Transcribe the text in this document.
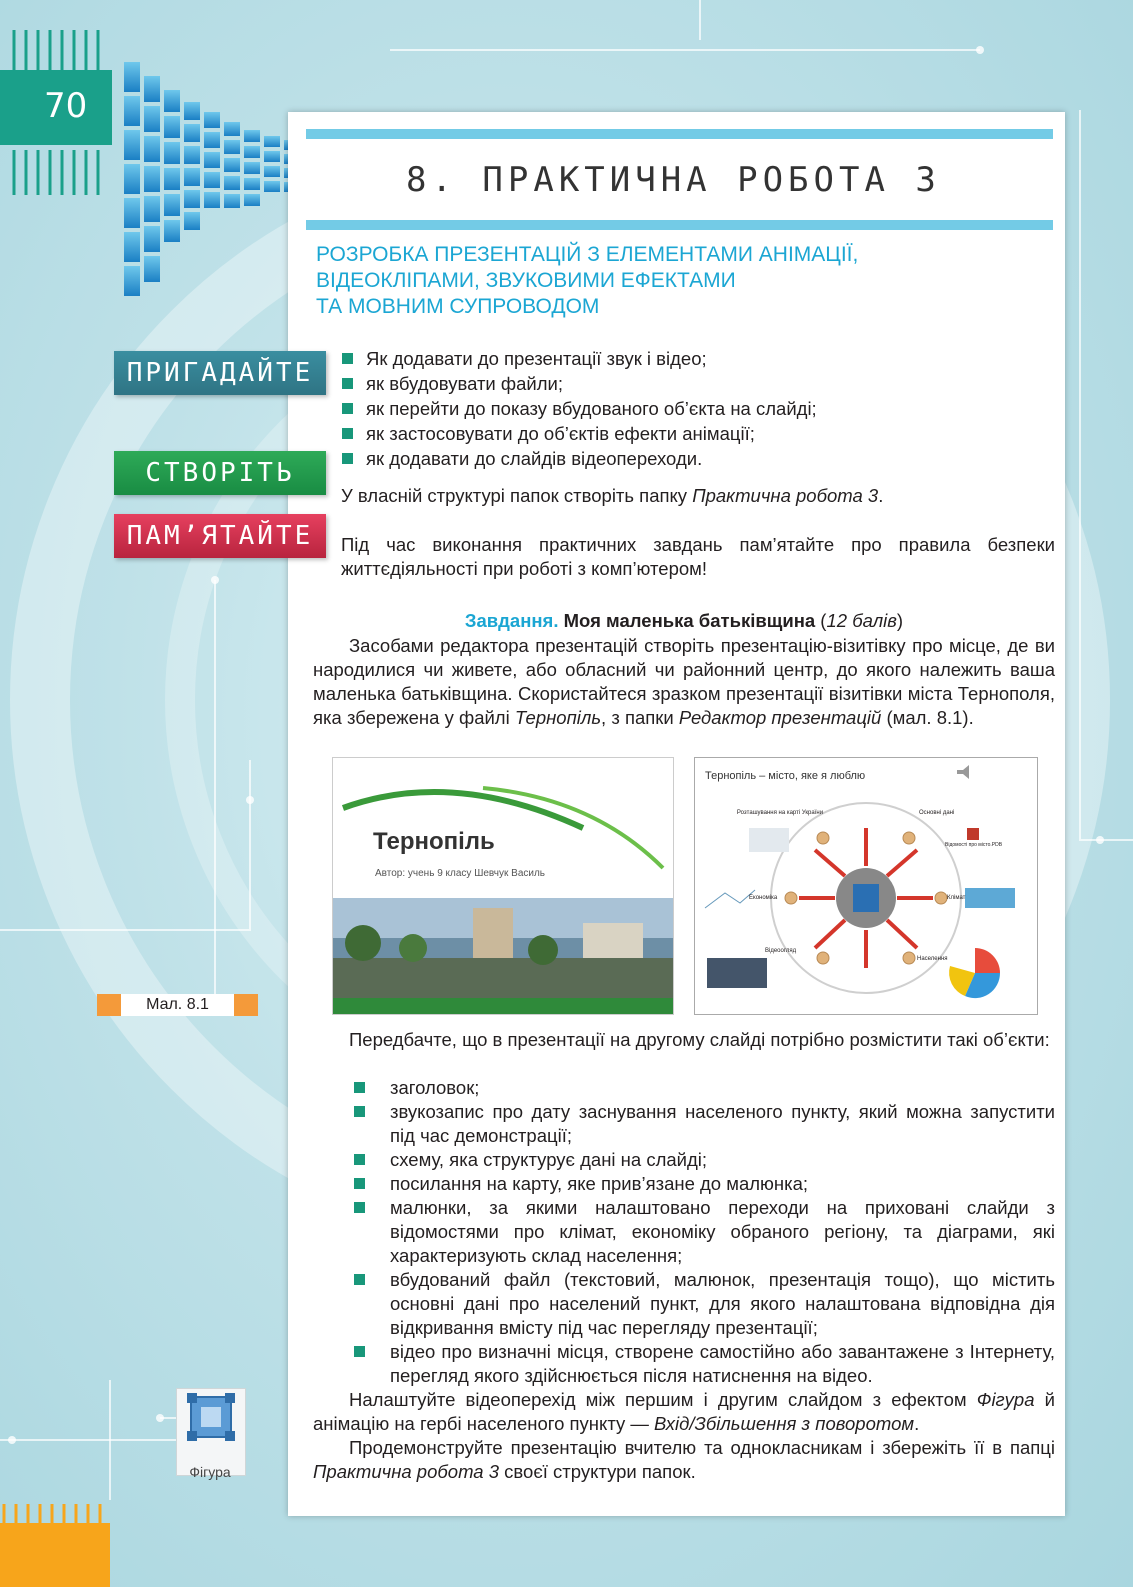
70
8. ПРАКТИЧНА РОБОТА 3
РОЗРОБКА ПРЕЗЕНТАЦІЙ З ЕЛЕМЕНТАМИ АНІМАЦІЇ,
ВІДЕОКЛІПАМИ, ЗВУКОВИМИ ЕФЕКТАМИ
ТА МОВНИМ СУПРОВОДОМ
ПРИГАДАЙТЕ
СТВОРІТЬ
ПАМ’ЯТАЙТЕ
Як додавати до презентації звук і відео;
як вбудовувати файли;
як перейти до показу вбудованого об’єкта на слайді;
як застосовувати до об’єктів ефекти анімації;
як додавати до слайдів відеопереходи.
У власній структурі папок створіть папку Практична робота 3.
Під час виконання практичних завдань пам’ятайте про правила безпеки життєдіяльності при роботі з комп’ютером!
Завдання. Моя маленька батьківщина (12 балів)
Засобами редактора презентацій створіть презентацію-візитівку про місце, де ви народилися чи живете, або обласний чи районний центр, до якого належить ваша маленька батьківщина. Скористайтеся зразком презентації візитівки міста Тернополя, яка збережена у файлі Тернопіль, з папки Редактор презентацій (мал. 8.1).
Тернопіль
Автор: учень 9 класу Шевчук Василь
Тернопіль – місто, яке я люблю
Розташування на карті України	Основні дані
Вiдомостi про місто.PDB
Економіка	Клімат
Відеоогляд
Населення
Мал. 8.1
Передбачте, що в презентації на другому слайді потрібно розмістити такі об’єкти:
заголовок;
звукозапис про дату заснування населеного пункту, який можна запустити під час демонстрації;
схему, яка структурує дані на слайді;
посилання на карту, яке прив’язане до малюнка;
малюнки, за якими налаштовано переходи на приховані слайди з відомостями про клімат, економіку обраного регіону, та діаграми, які характеризують склад населення;
вбудований файл (текстовий, малюнок, презентація тощо), що містить основні дані про населений пункт, для якого налаштована відповідна дія відкривання вмісту під час перегляду презентації;
відео про визначні місця, створене самостійно або завантажене з Інтернету, перегляд якого здійснюється після натиснення на відео.
Налаштуйте відеоперехід між першим і другим слайдом з ефектом Фігура й анімацію на гербі населеного пункту — Вхід/Збільшення з поворотом.
Продемонструйте презентацію вчителю та однокласникам і збережіть її в папці Практична робота 3 своєї структури папок.
Фігура
